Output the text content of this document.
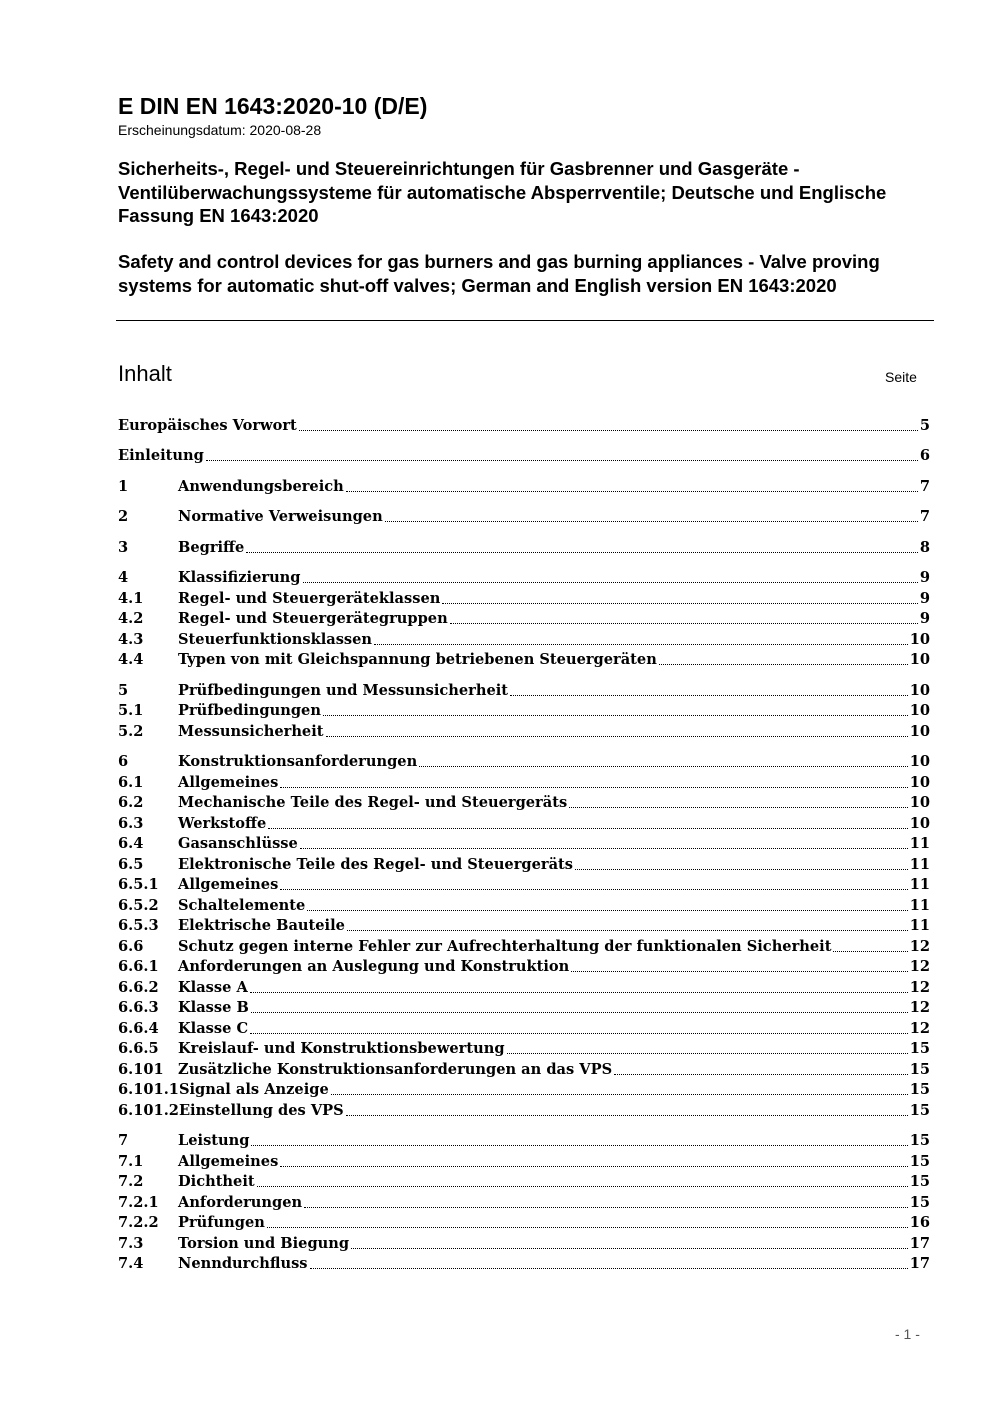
E DIN EN 1643:2020-10 (D/E)
Erscheinungsdatum: 2020-08-28
Sicherheits-, Regel- und Steuereinrichtungen für Gasbrenner und Gasgeräte - Ventilüberwachungssysteme für automatische Absperrventile; Deutsche und Englische Fassung EN 1643:2020
Safety and control devices for gas burners and gas burning appliances - Valve proving systems for automatic shut-off valves; German and English version EN 1643:2020
Inhalt	Seite
Europäisches Vorwort	5
Einleitung	6
1	Anwendungsbereich	7
2	Normative Verweisungen	7
3	Begriffe	8
4	Klassifizierung	9
4.1	Regel- und Steuergeräteklassen	9
4.2	Regel- und Steuergerätegruppen	9
4.3	Steuerfunktionsklassen	10
4.4	Typen von mit Gleichspannung betriebenen Steuergeräten	10
5	Prüfbedingungen und Messunsicherheit	10
5.1	Prüfbedingungen	10
5.2	Messunsicherheit	10
6	Konstruktionsanforderungen	10
6.1	Allgemeines	10
6.2	Mechanische Teile des Regel- und Steuergeräts	10
6.3	Werkstoffe	10
6.4	Gasanschlüsse	11
6.5	Elektronische Teile des Regel- und Steuergeräts	11
6.5.1	Allgemeines	11
6.5.2	Schaltelemente	11
6.5.3	Elektrische Bauteile	11
6.6	Schutz gegen interne Fehler zur Aufrechterhaltung der funktionalen Sicherheit	12
6.6.1	Anforderungen an Auslegung und Konstruktion	12
6.6.2	Klasse A	12
6.6.3	Klasse B	12
6.6.4	Klasse C	12
6.6.5	Kreislauf- und Konstruktionsbewertung	15
6.101 Zusätzliche Konstruktionsanforderungen an das VPS	15
6.101.1 Signal als Anzeige	15
6.101.2 Einstellung des VPS	15
7	Leistung	15
7.1	Allgemeines	15
7.2	Dichtheit	15
7.2.1	Anforderungen	15
7.2.2	Prüfungen	16
7.3	Torsion und Biegung	17
7.4	Nenndurchfluss	17
- 1 -
